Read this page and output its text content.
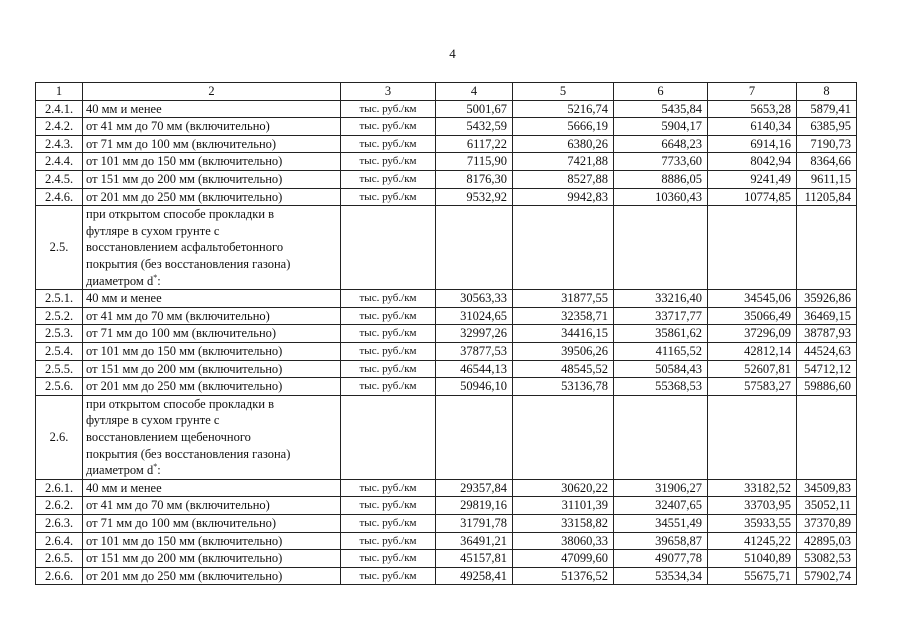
4
1	2	3	4	5	6	7	8
2.4.1.	40 мм и менее	тыс. руб./км	5001,67	5216,74	5435,84	5653,28	5879,41
2.4.2.	от 41 мм до 70 мм (включительно)	тыс. руб./км	5432,59	5666,19	5904,17	6140,34	6385,95
2.4.3.	от 71 мм до 100 мм (включительно)	тыс. руб./км	6117,22	6380,26	6648,23	6914,16	7190,73
2.4.4.	от 101 мм до 150 мм (включительно)	тыс. руб./км	7115,90	7421,88	7733,60	8042,94	8364,66
2.4.5.	от 151 мм до 200 мм (включительно)	тыс. руб./км	8176,30	8527,88	8886,05	9241,49	9611,15
2.4.6.	от 201 мм до 250 мм (включительно)	тыс. руб./км	9532,92	9942,83	10360,43	10774,85	11205,84
2.5.	при открытом способе прокладки в
футляре в сухом грунте с
восстановлением асфальтобетонного
покрытия (без восстановления газона)
диаметром d*:						
2.5.1.	40 мм и менее	тыс. руб./км	30563,33	31877,55	33216,40	34545,06	35926,86
2.5.2.	от 41 мм до 70 мм (включительно)	тыс. руб./км	31024,65	32358,71	33717,77	35066,49	36469,15
2.5.3.	от 71 мм до 100 мм (включительно)	тыс. руб./км	32997,26	34416,15	35861,62	37296,09	38787,93
2.5.4.	от 101 мм до 150 мм (включительно)	тыс. руб./км	37877,53	39506,26	41165,52	42812,14	44524,63
2.5.5.	от 151 мм до 200 мм (включительно)	тыс. руб./км	46544,13	48545,52	50584,43	52607,81	54712,12
2.5.6.	от 201 мм до 250 мм (включительно)	тыс. руб./км	50946,10	53136,78	55368,53	57583,27	59886,60
2.6.	при открытом способе прокладки в
футляре в сухом грунте с
восстановлением щебеночного
покрытия (без восстановления газона)
диаметром d*:						
2.6.1.	40 мм и менее	тыс. руб./км	29357,84	30620,22	31906,27	33182,52	34509,83
2.6.2.	от 41 мм до 70 мм (включительно)	тыс. руб./км	29819,16	31101,39	32407,65	33703,95	35052,11
2.6.3.	от 71 мм до 100 мм (включительно)	тыс. руб./км	31791,78	33158,82	34551,49	35933,55	37370,89
2.6.4.	от 101 мм до 150 мм (включительно)	тыс. руб./км	36491,21	38060,33	39658,87	41245,22	42895,03
2.6.5.	от 151 мм до 200 мм (включительно)	тыс. руб./км	45157,81	47099,60	49077,78	51040,89	53082,53
2.6.6.	от 201 мм до 250 мм (включительно)	тыс. руб./км	49258,41	51376,52	53534,34	55675,71	57902,74
